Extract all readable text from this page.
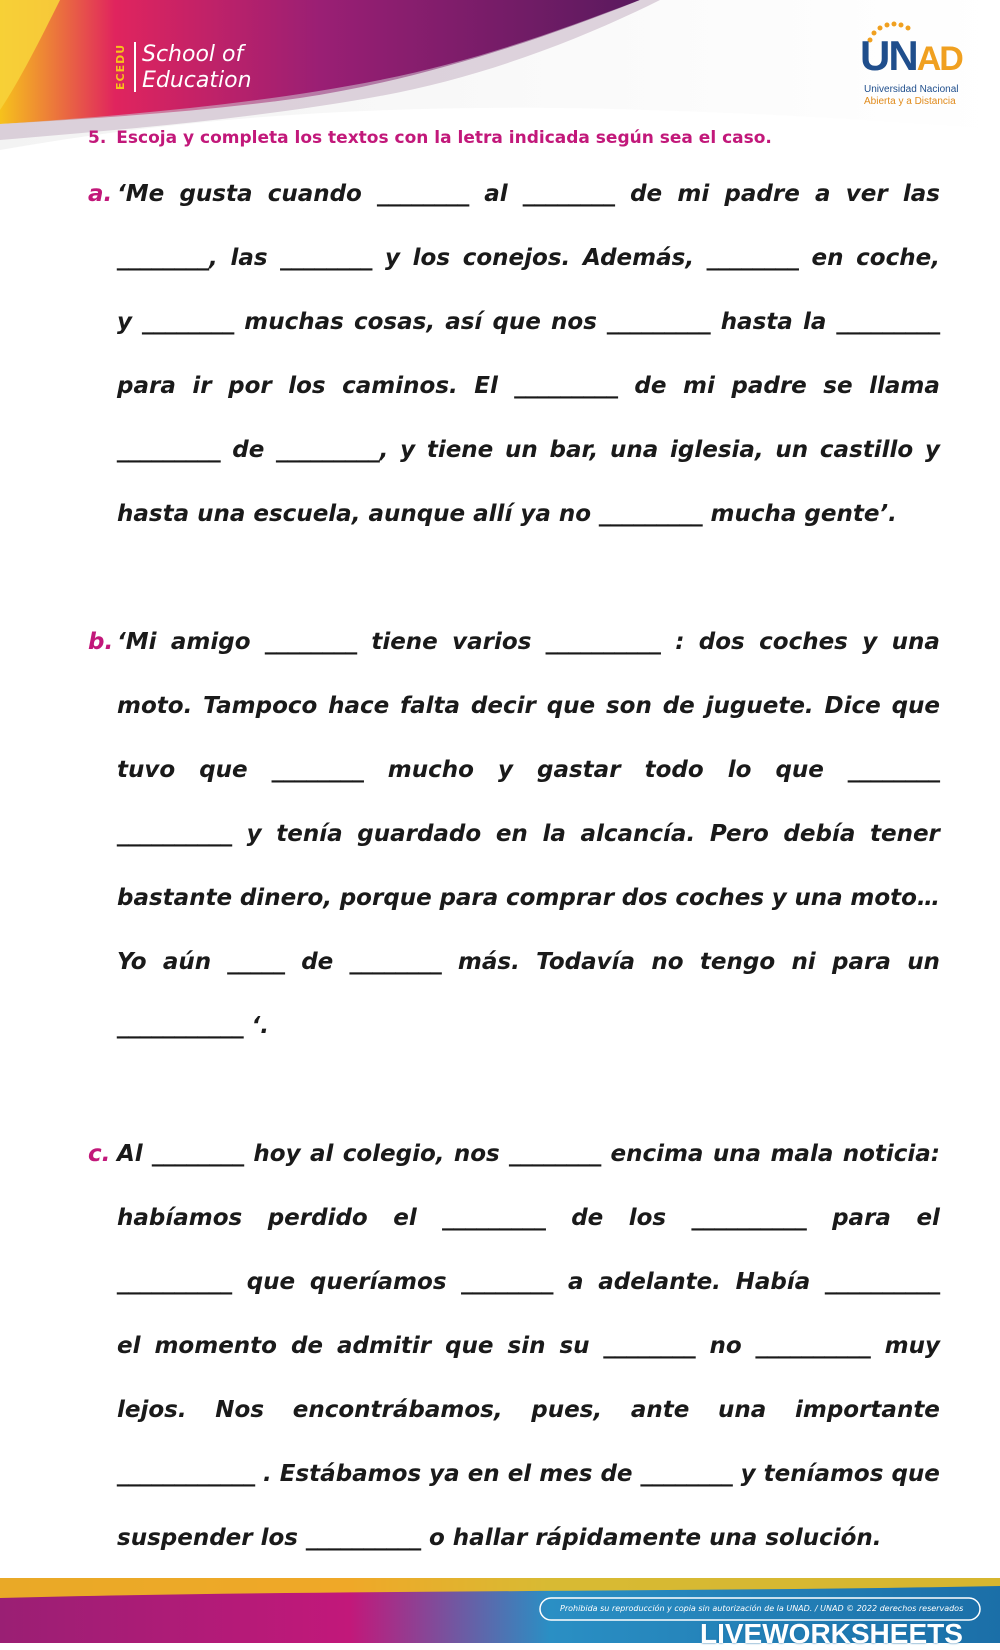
ECEDU School of
Education
UNAD
Universidad Nacional
Abierta y a Distancia
5. Escoja y completa los textos con la letra indicada según sea el caso.
a. ‘Me gusta cuando ________ al ________ de mi padre a ver las
________, las ________ y los conejos. Además, ________ en coche,
y ________ muchas cosas, así que nos _________ hasta la _________
para ir por los caminos. El _________ de mi padre se llama
_________ de _________, y tiene un bar, una iglesia, un castillo y
hasta una escuela, aunque allí ya no _________ mucha gente’.
b. ‘Mi amigo ________ tiene varios __________ : dos coches y una
moto. Tampoco hace falta decir que son de juguete. Dice que
tuvo que ________ mucho y gastar todo lo que ________
__________ y tenía guardado en la alcancía. Pero debía tener
bastante dinero, porque para comprar dos coches y una moto…
Yo aún _____ de ________ más. Todavía no tengo ni para un
___________ ‘.
c. Al ________ hoy al colegio, nos ________ encima una mala noticia:
habíamos perdido el _________ de los __________ para el
__________ que queríamos ________ a adelante. Había __________
el momento de admitir que sin su ________ no __________ muy
lejos. Nos encontrábamos, pues, ante una importante
____________ . Estábamos ya en el mes de ________ y teníamos que
suspender los __________ o hallar rápidamente una solución.
Prohibida su reproducción y copia sin autorización de la UNAD. / UNAD © 2022 derechos reservados
LIVEWORKSHEETS
